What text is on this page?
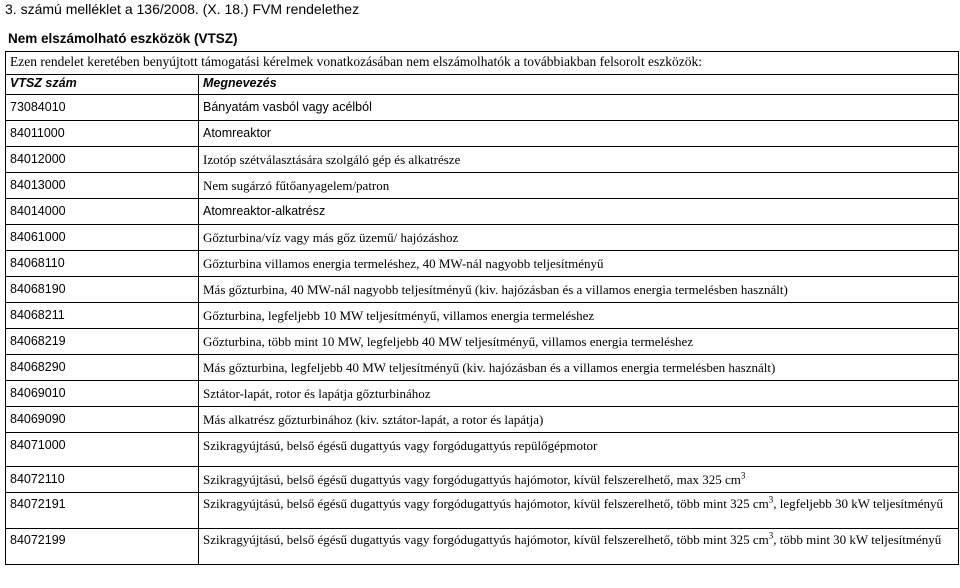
3. számú melléklet a 136/2008. (X. 18.) FVM rendelethez
Nem elszámolható eszközök (VTSZ)
Ezen rendelet keretében benyújtott támogatási kérelmek vonatkozásában nem elszámolhatók a továbbiakban felsorolt eszközök:	
VTSZ szám	Megnevezés
73084010	Bányatám vasból vagy acélból
84011000	Atomreaktor
84012000	Izotóp szétválasztására szolgáló gép és alkatrésze
84013000	Nem sugárzó fűtőanyagelem/patron
84014000	Atomreaktor-alkatrész
84061000	Gőzturbina/víz vagy más gőz üzemű/ hajózáshoz
84068110	Gőzturbina villamos energia termeléshez, 40 MW-nál nagyobb teljesítményű
84068190	Más gőzturbina, 40 MW-nál nagyobb teljesítményű (kiv. hajózásban és a villamos energia termelésben használt)
84068211	Gőzturbina, legfeljebb 10 MW teljesítményű, villamos energia termeléshez
84068219	Gőzturbina, több mint 10 MW, legfeljebb 40 MW teljesítményű, villamos energia termeléshez
84068290	Más gőzturbina, legfeljebb 40 MW teljesítményű (kiv. hajózásban és a villamos energia termelésben használt)
84069010	Sztátor-lapát, rotor és lapátja gőzturbinához
84069090	Más alkatrész gőzturbinához (kiv. sztátor-lapát, a rotor és lapátja)
84071000	Szikragyújtású, belső égésű dugattyús vagy forgódugattyús repülőgépmotor
84072110	Szikragyújtású, belső égésű dugattyús vagy forgódugattyús hajómotor, kívül felszerelhető, max 325 $cm^3$
84072191	Szikragyújtású, belső égésű dugattyús vagy forgódugattyús hajómotor, kívül felszerelhető, több mint 325 $cm^3$, legfeljebb 30 kW teljesítményű
84072199	Szikragyújtású, belső égésű dugattyús vagy forgódugattyús hajómotor, kívül felszerelhető, több mint 325 $cm^3$, több mint 30 kW teljesítményű
